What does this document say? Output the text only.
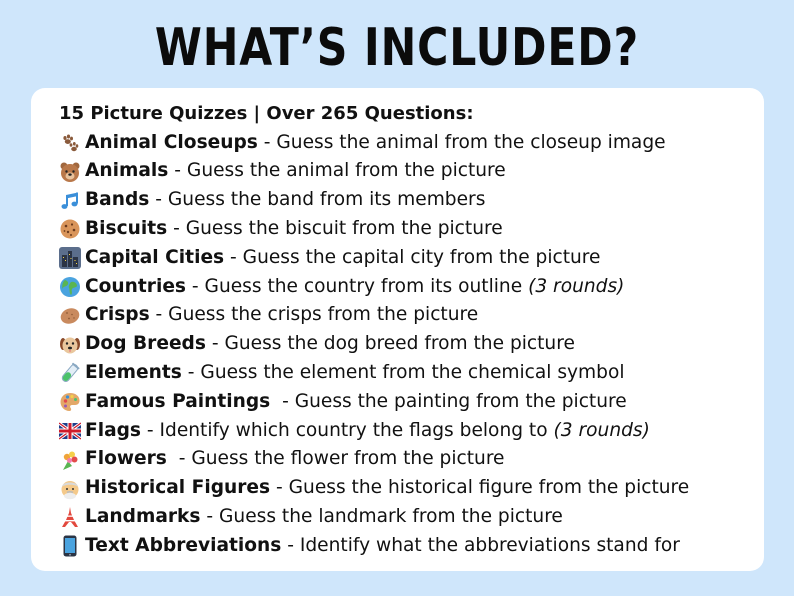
WHAT’S INCLUDED?
15 Picture Quizzes | Over 265 Questions:
Animal Closeups - Guess the animal from the closeup image
Animals - Guess the animal from the picture
Bands - Guess the band from its members
Biscuits - Guess the biscuit from the picture
Capital Cities - Guess the capital city from the picture
Countries - Guess the country from its outline (3 rounds)
Crisps - Guess the crisps from the picture
Dog Breeds - Guess the dog breed from the picture
Elements - Guess the element from the chemical symbol
Famous Paintings - Guess the painting from the picture
Flags - Identify which country the flags belong to (3 rounds)
Flowers - Guess the flower from the picture
Historical Figures - Guess the historical figure from the picture
Landmarks - Guess the landmark from the picture
Text Abbreviations - Identify what the abbreviations stand for
